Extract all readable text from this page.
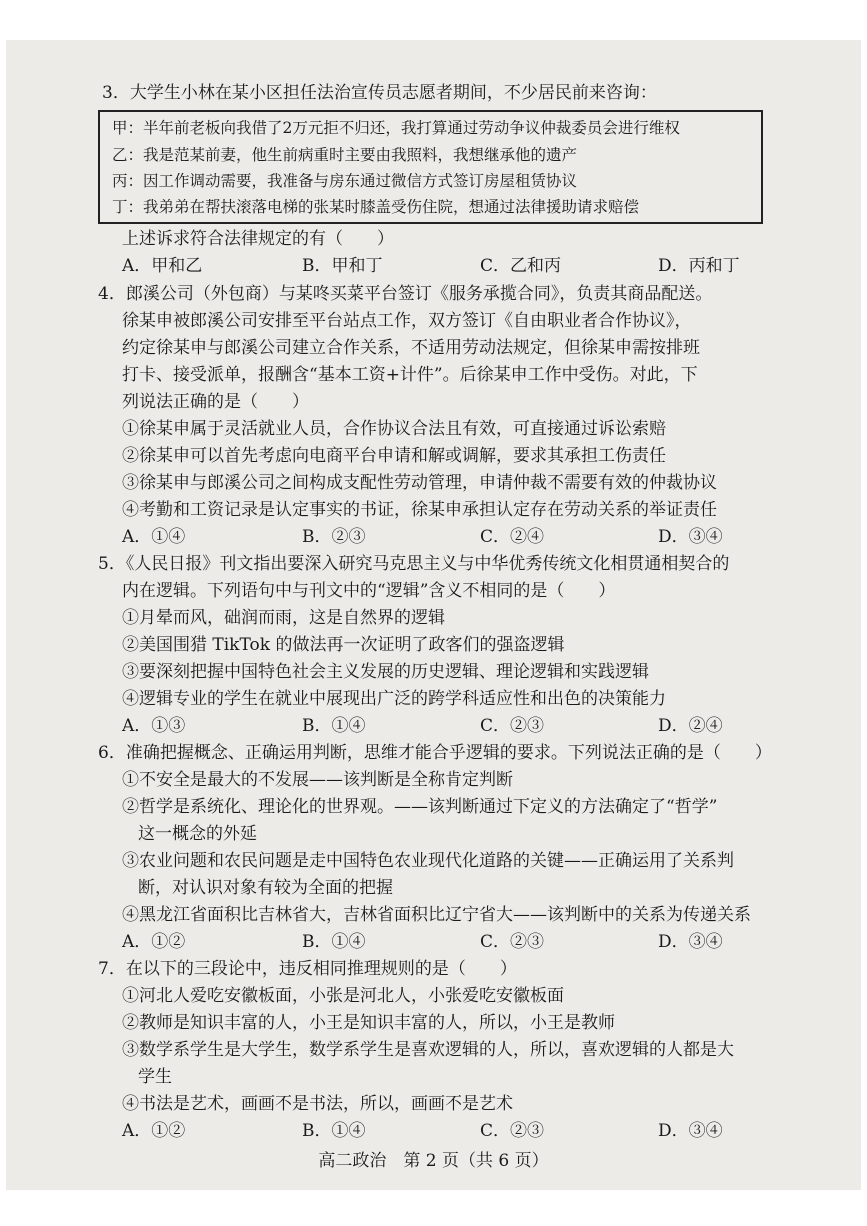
3．大学生小林在某小区担任法治宣传员志愿者期间，不少居民前来咨询：
甲：半年前老板向我借了2万元拒不归还，我打算通过劳动争议仲裁委员会进行维权
乙：我是范某前妻，他生前病重时主要由我照料，我想继承他的遗产
丙：因工作调动需要，我准备与房东通过微信方式签订房屋租赁协议
丁：我弟弟在帮扶滚落电梯的张某时膝盖受伤住院，想通过法律援助请求赔偿
上述诉求符合法律规定的有（　　）
A．甲和乙	B．甲和丁	C．乙和丙	D．丙和丁
4．郎溪公司（外包商）与某咚买菜平台签订《服务承揽合同》，负责其商品配送。
徐某申被郎溪公司安排至平台站点工作，双方签订《自由职业者合作协议》，
约定徐某申与郎溪公司建立合作关系，不适用劳动法规定，但徐某申需按排班
打卡、接受派单，报酬含“基本工资+计件”。后徐某申工作中受伤。对此，下
列说法正确的是（　　）
①徐某申属于灵活就业人员，合作协议合法且有效，可直接通过诉讼索赔
②徐某申可以首先考虑向电商平台申请和解或调解，要求其承担工伤责任
③徐某申与郎溪公司之间构成支配性劳动管理，申请仲裁不需要有效的仲裁协议
④考勤和工资记录是认定事实的书证，徐某申承担认定存在劳动关系的举证责任
A．①④	B．②③	C．②④	D．③④
5．《人民日报》刊文指出要深入研究马克思主义与中华优秀传统文化相贯通相契合的
内在逻辑。下列语句中与刊文中的“逻辑”含义不相同的是（　　）
①月晕而风，础润而雨，这是自然界的逻辑
②美国围猎 TikTok 的做法再一次证明了政客们的强盗逻辑
③要深刻把握中国特色社会主义发展的历史逻辑、理论逻辑和实践逻辑
④逻辑专业的学生在就业中展现出广泛的跨学科适应性和出色的决策能力
A．①③	B．①④	C．②③	D．②④
6．准确把握概念、正确运用判断，思维才能合乎逻辑的要求。下列说法正确的是（　　）
①不安全是最大的不发展——该判断是全称肯定判断
②哲学是系统化、理论化的世界观。——该判断通过下定义的方法确定了“哲学”
这一概念的外延
③农业问题和农民问题是走中国特色农业现代化道路的关键——正确运用了关系判
断，对认识对象有较为全面的把握
④黑龙江省面积比吉林省大，吉林省面积比辽宁省大——该判断中的关系为传递关系
A．①②	B．①④	C．②③	D．③④
7．在以下的三段论中，违反相同推理规则的是（　　）
①河北人爱吃安徽板面，小张是河北人，小张爱吃安徽板面
②教师是知识丰富的人，小王是知识丰富的人，所以，小王是教师
③数学系学生是大学生，数学系学生是喜欢逻辑的人，所以，喜欢逻辑的人都是大
学生
④书法是艺术，画画不是书法，所以，画画不是艺术
A．①②	B．①④	C．②③	D．③④
高二政治　第 2 页（共 6 页）
